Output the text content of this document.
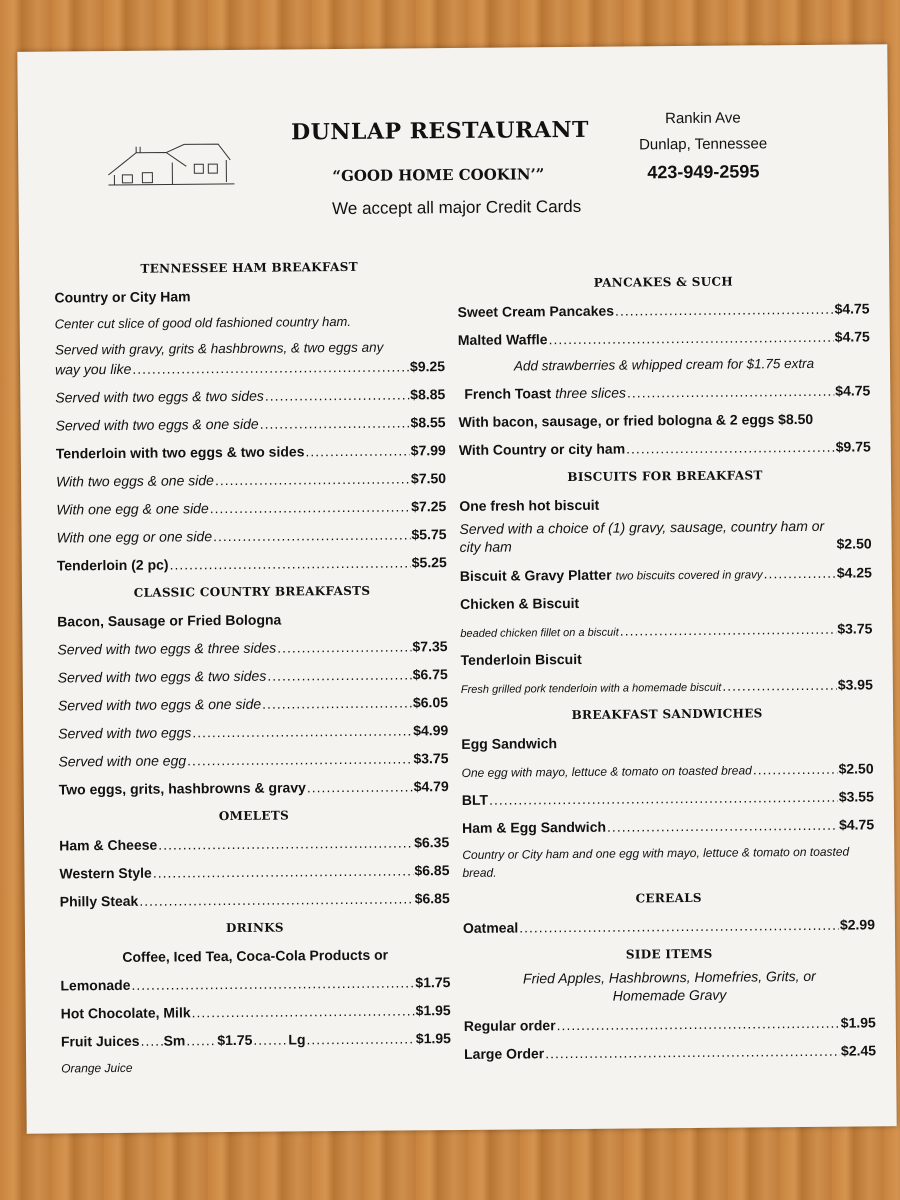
DUNLAP RESTAURANT
“GOOD HOME COOKIN’”
We accept all major Credit Cards
Rankin Ave
Dunlap, Tennessee
423-949-2595
TENNESSEE HAM BREAKFAST
Country or City Ham
Center cut slice of good old fashioned country ham.
Served with gravy, grits & hashbrowns, & two eggs any
way you like .....	$9.25
Served with two eggs & two sides .....	$8.85
Served with two eggs & one side .....	$8.55
Tenderloin with two eggs & two sides .....	$7.99
With two eggs & one side .....	$7.50
With one egg & one side .....	$7.25
With one egg or one side .....	$5.75
Tenderloin (2 pc) .....	$5.25
CLASSIC COUNTRY BREAKFASTS
Bacon, Sausage or Fried Bologna
Served with two eggs & three sides .....	$7.35
Served with two eggs & two sides .....	$6.75
Served with two eggs & one side .....	$6.05
Served with two eggs .....	$4.99
Served with one egg .....	$3.75
Two eggs, grits, hashbrowns & gravy .....	$4.79
OMELETS
Ham & Cheese .....	$6.35
Western Style .....	$6.85
Philly Steak .....	$6.85
DRINKS
Coffee, Iced Tea, Coca-Cola Products or
Lemonade .....	$1.75
Hot Chocolate, Milk .....	$1.95
Fruit Juices ..... Sm ..... $1.75 .....	Lg .....	$1.95
Orange Juice
PANCAKES & SUCH
Sweet Cream Pancakes .....	$4.75
Malted Waffle .....	$4.75
Add strawberries & whipped cream for $1.75 extra
French Toast three slices .....	$4.75
With bacon, sausage, or fried bologna & 2 eggs $8.50
With Country or city ham .....	$9.75
BISCUITS FOR BREAKFAST
One fresh hot biscuit
Served with a choice of (1) gravy, sausage, country ham or city ham	$2.50
Biscuit & Gravy Platter two biscuits covered in gravy .....	$4.25
Chicken & Biscuit
beaded chicken fillet on a biscuit .....	$3.75
Tenderloin Biscuit
Fresh grilled pork tenderloin with a homemade biscuit .....	$3.95
BREAKFAST SANDWICHES
Egg Sandwich
One egg with mayo, lettuce & tomato on toasted bread .....	$2.50
BLT .....	$3.55
Ham & Egg Sandwich .....	$4.75
Country or City ham and one egg with mayo, lettuce & tomato on toasted bread.
CEREALS
Oatmeal .....	$2.99
SIDE ITEMS
Fried Apples, Hashbrowns, Homefries, Grits, or Homemade Gravy
Regular order .....	$1.95
Large Order .....	$2.45
